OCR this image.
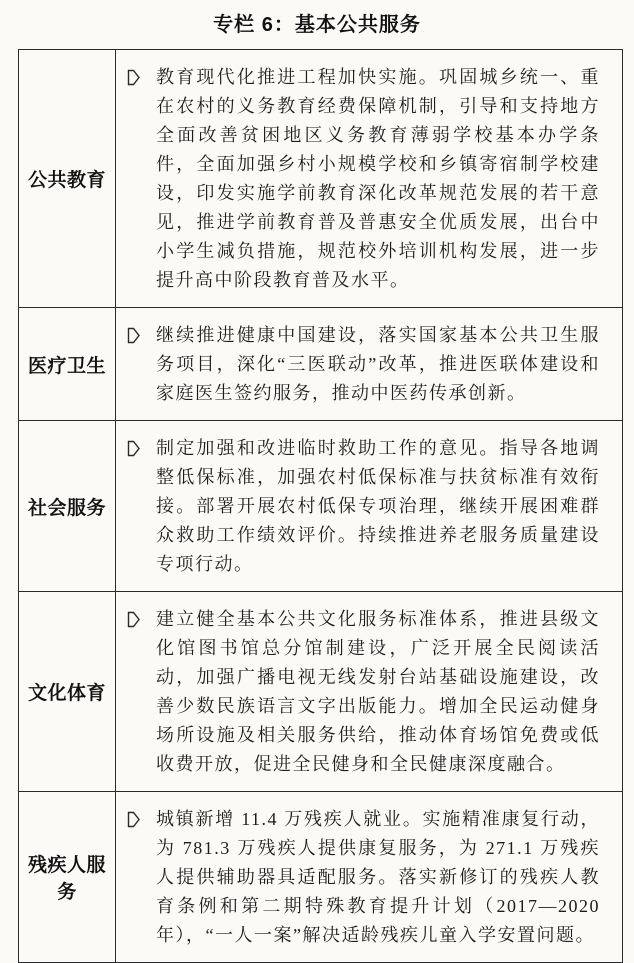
专栏 6：基本公共服务
公共教育	教育现代化推进工程加快实施。巩固城乡统一、重在农村的义务教育经费保障机制，引导和支持地方全面改善贫困地区义务教育薄弱学校基本办学条件，全面加强乡村小规模学校和乡镇寄宿制学校建设，印发实施学前教育深化改革规范发展的若干意见，推进学前教育普及普惠安全优质发展，出台中小学生减负措施，规范校外培训机构发展，进一步提升高中阶段教育普及水平。

医疗卫生	继续推进健康中国建设，落实国家基本公共卫生服务项目，深化“三医联动”改革，推进医联体建设和家庭医生签约服务，推动中医药传承创新。

社会服务	制定加强和改进临时救助工作的意见。指导各地调整低保标准，加强农村低保标准与扶贫标准有效衔接。部署开展农村低保专项治理，继续开展困难群众救助工作绩效评价。持续推进养老服务质量建设专项行动。

文化体育	建立健全基本公共文化服务标准体系，推进县级文化馆图书馆总分馆制建设，广泛开展全民阅读活动，加强广播电视无线发射台站基础设施建设，改善少数民族语言文字出版能力。增加全民运动健身场所设施及相关服务供给，推动体育场馆免费或低收费开放，促进全民健身和全民健康深度融合。

残疾人服务	城镇新增 11.4 万残疾人就业。实施精准康复行动，为 781.3 万残疾人提供康复服务，为 271.1 万残疾人提供辅助器具适配服务。落实新修订的残疾人教育条例和第二期特殊教育提升计划（2017—2020 年），“一人一案”解决适龄残疾儿童入学安置问题。
